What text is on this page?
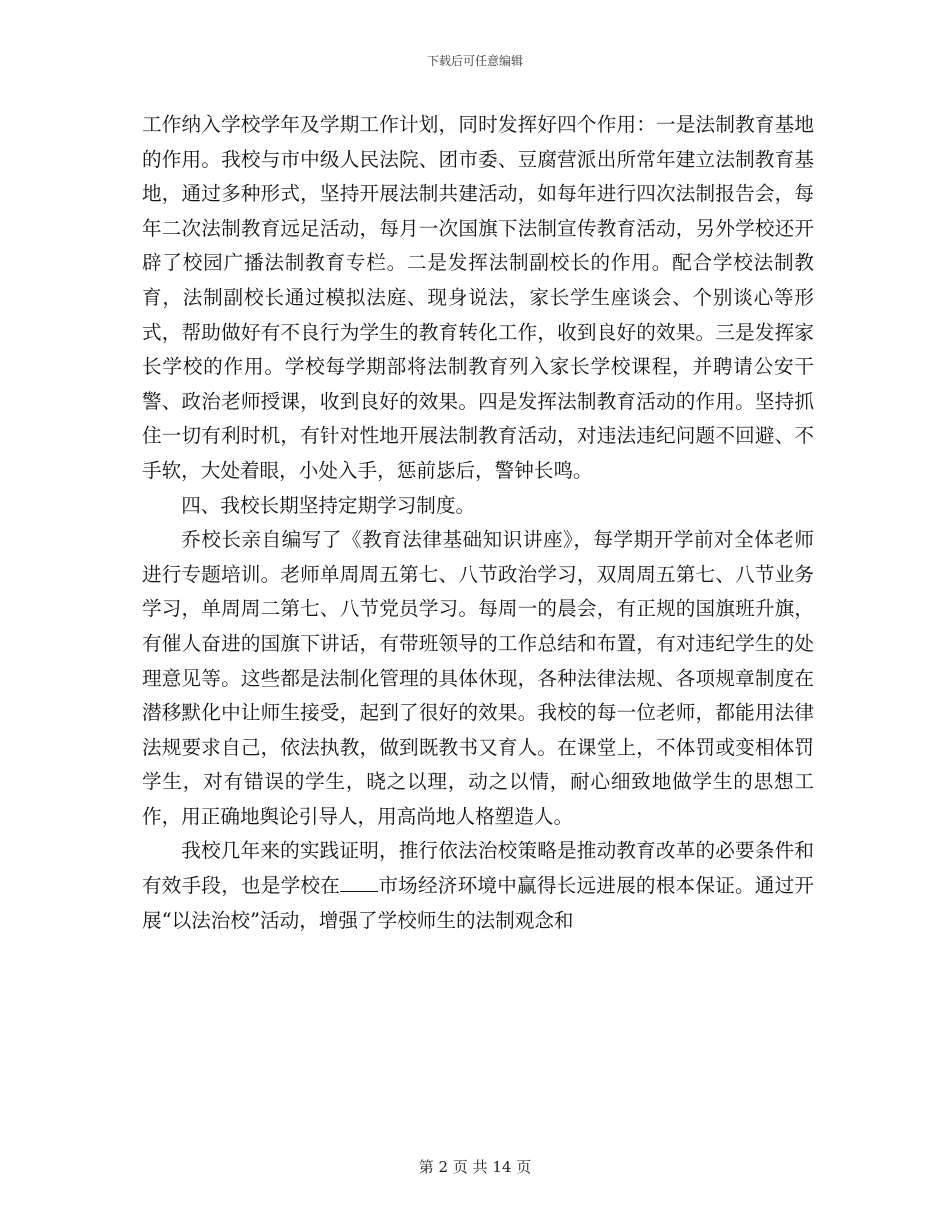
下载后可任意编辑

工作纳入学校学年及学期工作计划，同时发挥好四个作用：一是法制教育基地的作用。我校与市中级人民法院、团市委、豆腐营派出所常年建立法制教育基地，通过多种形式，坚持开展法制共建活动，如每年进行四次法制报告会，每年二次法制教育远足活动，每月一次国旗下法制宣传教育活动，另外学校还开辟了校园广播法制教育专栏。二是发挥法制副校长的作用。配合学校法制教育，法制副校长通过模拟法庭、现身说法，家长学生座谈会、个别谈心等形式，帮助做好有不良行为学生的教育转化工作，收到良好的效果。三是发挥家长学校的作用。学校每学期部将法制教育列入家长学校课程，并聘请公安干警、政治老师授课，收到良好的效果。四是发挥法制教育活动的作用。坚持抓住一切有利时机，有针对性地开展法制教育活动，对违法违纪问题不回避、不手软，大处着眼，小处入手，惩前毖后，警钟长鸣。

四、我校长期坚持定期学习制度。

乔校长亲自编写了《教育法律基础知识讲座》，每学期开学前对全体老师进行专题培训。老师单周周五第七、八节政治学习，双周周五第七、八节业务学习，单周周二第七、八节党员学习。每周一的晨会，有正规的国旗班升旗，有催人奋进的国旗下讲话，有带班领导的工作总结和布置，有对违纪学生的处理意见等。这些都是法制化管理的具体休现，各种法律法规、各项规章制度在潜移默化中让师生接受，起到了很好的效果。我校的每一位老师，都能用法律法规要求自己，依法执教，做到既教书又育人。在课堂上，不体罚或变相体罚学生，对有错误的学生，晓之以理，动之以情，耐心细致地做学生的思想工作，用正确地舆论引导人，用高尚地人格塑造人。

我校几年来的实践证明，推行依法治校策略是推动教育改革的必要条件和有效手段，也是学校在 市场经济环境中赢得长远进展的根本保证。通过开展“以法治校”活动，增强了学校师生的法制观念和

第 2 页 共 14 页
